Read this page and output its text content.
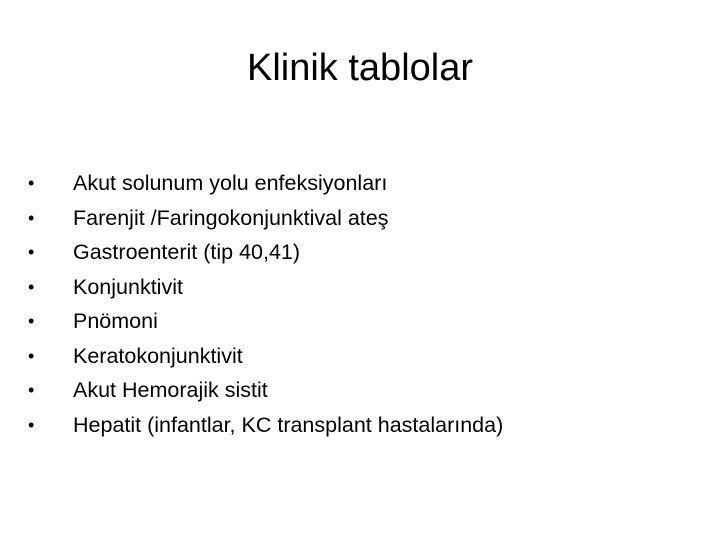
Klinik tablolar
•	Akut solunum yolu enfeksiyonları
•	Farenjit /Faringokonjunktival ateş
•	Gastroenterit (tip 40,41)
•	Konjunktivit
•	Pnömoni
•	Keratokonjunktivit
•	Akut Hemorajik sistit
•	Hepatit (infantlar, KC transplant hastalarında)
